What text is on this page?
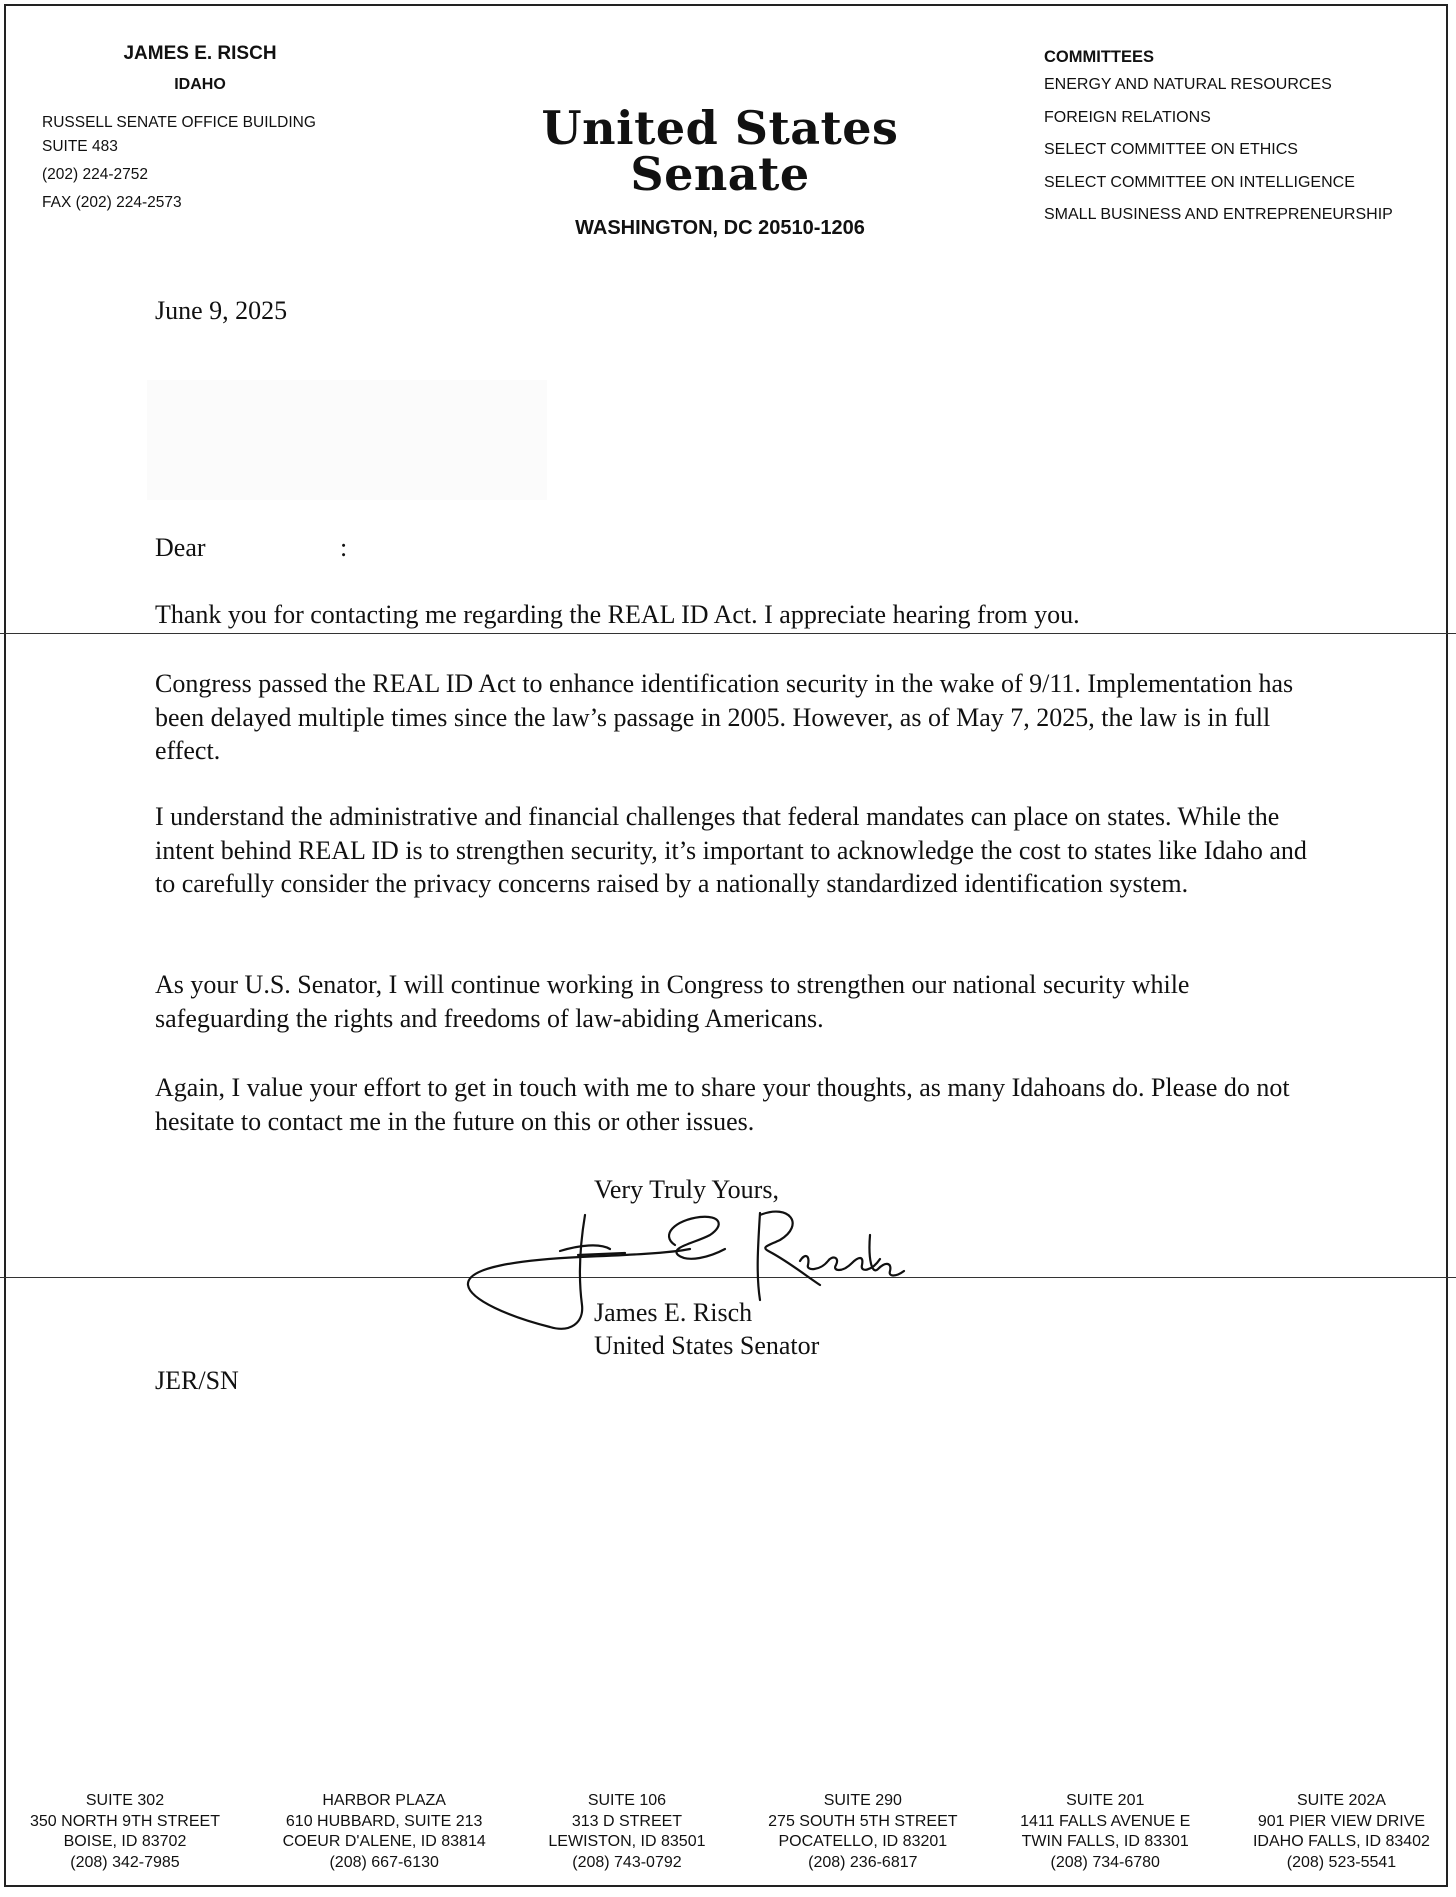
JAMES E. RISCH
IDAHO
RUSSELL SENATE OFFICE BUILDING
SUITE 483
(202) 224-2752
FAX (202) 224-2573
United States Senate
WASHINGTON, DC 20510-1206
COMMITTEES
ENERGY AND NATURAL RESOURCES
FOREIGN RELATIONS
SELECT COMMITTEE ON ETHICS
SELECT COMMITTEE ON INTELLIGENCE
SMALL BUSINESS AND ENTREPRENEURSHIP
June 9, 2025
Dear	:
Thank you for contacting me regarding the REAL ID Act. I appreciate hearing from you.
Congress passed the REAL ID Act to enhance identification security in the wake of 9/11. Implementation has been delayed multiple times since the law’s passage in 2005. However, as of May 7, 2025, the law is in full effect.
I understand the administrative and financial challenges that federal mandates can place on states. While the intent behind REAL ID is to strengthen security, it’s important to acknowledge the cost to states like Idaho and to carefully consider the privacy concerns raised by a nationally standardized identification system.
As your U.S. Senator, I will continue working in Congress to strengthen our national security while safeguarding the rights and freedoms of law-abiding Americans.
Again, I value your effort to get in touch with me to share your thoughts, as many Idahoans do. Please do not hesitate to contact me in the future on this or other issues.
Very Truly Yours,
James E. Risch
United States Senator
JER/SN
SUITE 302
350 NORTH 9TH STREET
BOISE, ID 83702
(208) 342-7985
HARBOR PLAZA
610 HUBBARD, SUITE 213
COEUR D'ALENE, ID 83814
(208) 667-6130
SUITE 106
313 D STREET
LEWISTON, ID 83501
(208) 743-0792
SUITE 290
275 SOUTH 5TH STREET
POCATELLO, ID 83201
(208) 236-6817
SUITE 201
1411 FALLS AVENUE E
TWIN FALLS, ID 83301
(208) 734-6780
SUITE 202A
901 PIER VIEW DRIVE
IDAHO FALLS, ID 83402
(208) 523-5541
